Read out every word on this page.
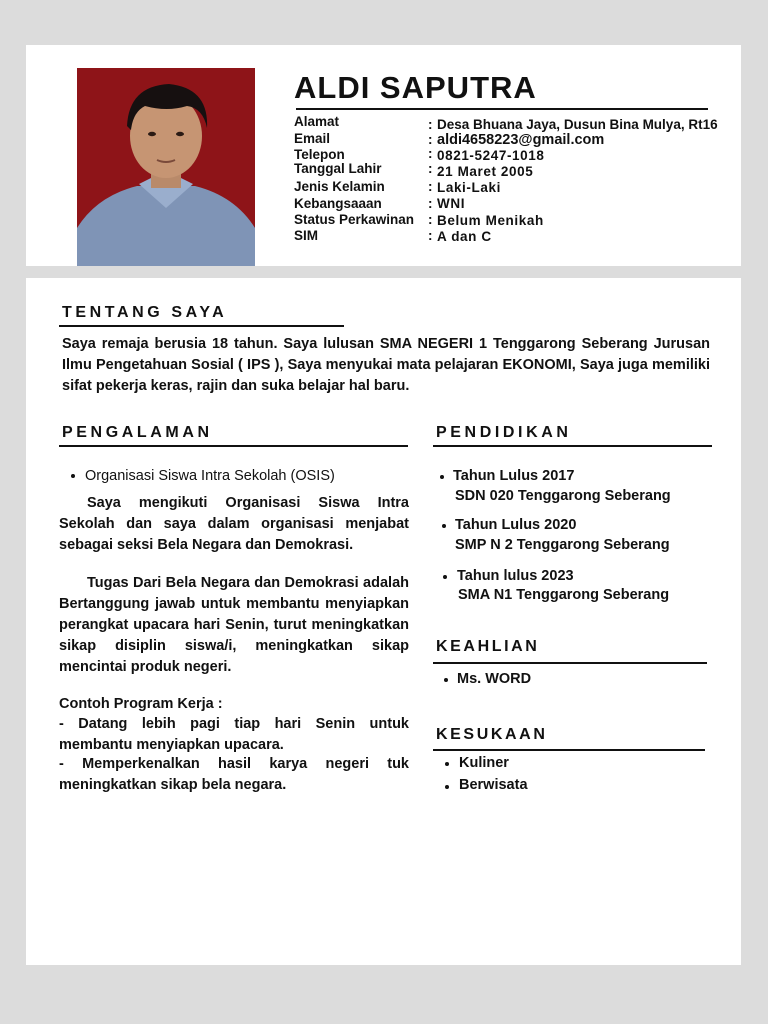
ALDI SAPUTRA
Alamat
Email
Telepon
Tanggal Lahir
Jenis Kelamin
Kebangsaaan
Status Perkawinan
SIM
:
:
:
:
:
:
:
:
Desa Bhuana Jaya, Dusun Bina Mulya, Rt16
aldi4658223@gmail.com
0821-5247-1018
21 Maret 2005
Laki-Laki
WNI
Belum Menikah
A dan C
TENTANG SAYA

Saya remaja berusia 18 tahun. Saya lulusan SMA NEGERI 1 Tenggarong Seberang Jurusan Ilmu Pengetahuan Sosial ( IPS ), Saya menyukai mata pelajaran EKONOMI, Saya juga memiliki sifat pekerja keras, rajin dan suka belajar hal baru.

PENGALAMAN
Organisasi Siswa Intra Sekolah (OSIS)

Saya mengikuti Organisasi Siswa Intra Sekolah dan saya dalam organisasi menjabat sebagai seksi Bela Negara dan Demokrasi.

Tugas Dari Bela Negara dan Demokrasi adalah Bertanggung jawab untuk membantu menyiapkan perangkat upacara hari Senin, turut meningkatkan sikap disiplin siswa/i, meningkatkan sikap mencintai produk negeri.

Contoh Program Kerja :

- Datang lebih pagi tiap hari Senin untuk membantu menyiapkan upacara.

- Memperkenalkan hasil karya negeri tuk meningkatkan sikap bela negara.

PENDIDIKAN
Tahun Lulus 2017
SDN 020 Tenggarong Seberang
Tahun Lulus 2020
SMP N 2 Tenggarong Seberang
Tahun lulus 2023
SMA N1 Tenggarong Seberang
KEAHLIAN
Ms. WORD
KESUKAAN
Kuliner
Berwisata
